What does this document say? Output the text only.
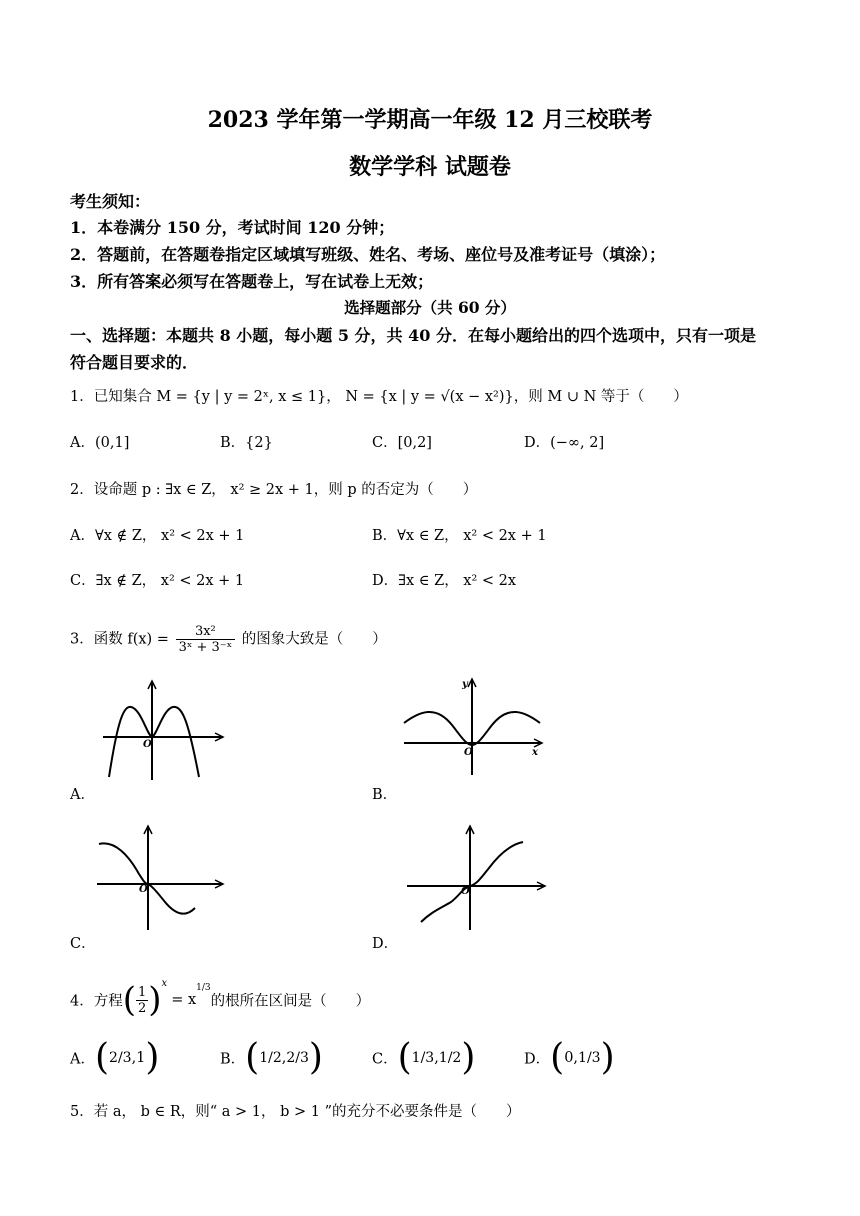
2023 学年第一学期高一年级 12 月三校联考
数学学科 试题卷
考生须知：
1．本卷满分 150 分，考试时间 120 分钟；
2．答题前，在答题卷指定区域填写班级、姓名、考场、座位号及准考证号（填涂）；
3．所有答案必须写在答题卷上，写在试卷上无效；
选择题部分（共 60 分）
一、选择题：本题共 8 小题，每小题 5 分，共 40 分．在每小题给出的四个选项中，只有一项是
符合题目要求的．
1．已知集合 M = {y | y = 2ˣ, x ≤ 1}， N = {x | y = √(x − x²)}，则 M ∪ N 等于（　　）
A．(0,1]	B．{2}	C．[0,2]	D．(−∞, 2]
2．设命题 p : ∃x ∈ Z， x² ≥ 2x + 1，则 p 的否定为（　　）
A．∀x ∉ Z， x² < 2x + 1	B．∀x ∈ Z， x² < 2x + 1
C．∃x ∉ Z， x² < 2x + 1	D．∃x ∈ Z， x² < 2x
3．函数 $f(x) = \frac{\text{3x²}}{\text{3ˣ + 3⁻ˣ}}$ 的图象大致是（　　）
O
A．
O
y
x
B．
O
C．
O
D．
4．方程( $\frac{1}{2} )^x= x^{1/3}$的根所在区间是（　　）
A．(2/3,1)	B．(1/2,2/3)	C．(1/3,1/2)	D．(0,1/3)
5．若 a， b ∈ R，则“ a > 1， b > 1 ”的充分不必要条件是（　　）
